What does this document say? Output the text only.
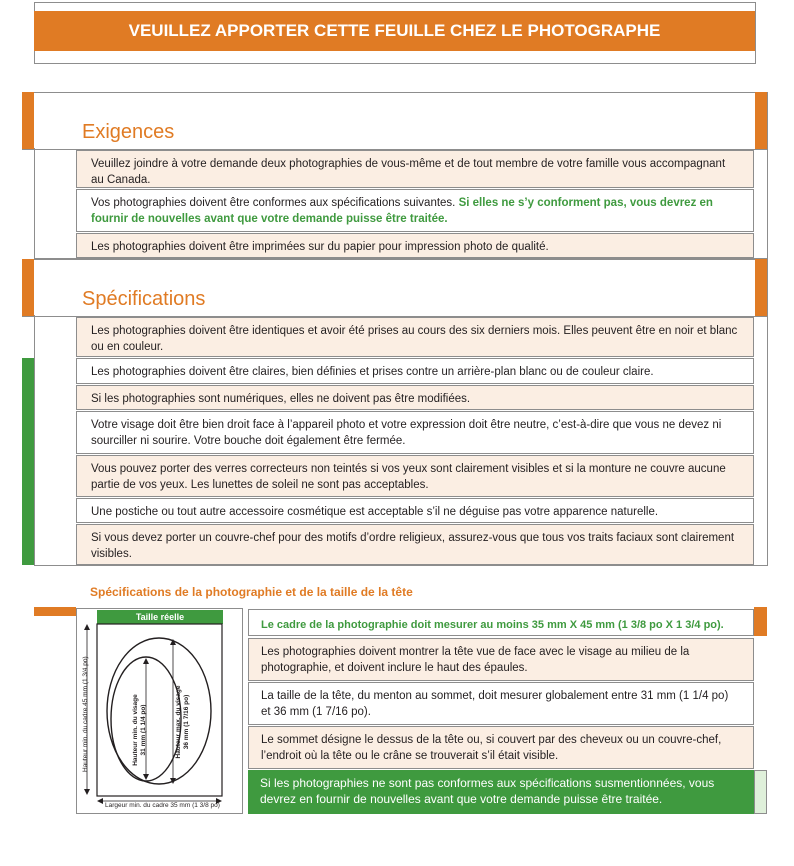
VEUILLEZ APPORTER CETTE FEUILLE CHEZ LE PHOTOGRAPHE
Exigences
Veuillez joindre à votre demande deux photographies de vous-même et de tout membre de votre famille vous accompagnant au Canada.
Vos photographies doivent être conformes aux spécifications suivantes. Si elles ne s’y conforment pas, vous devrez en fournir de nouvelles avant que votre demande puisse être traitée.
Les photographies doivent être imprimées sur du papier pour impression photo de qualité.
Spécifications
Les photographies doivent être identiques et avoir été prises au cours des six derniers mois. Elles peuvent être en noir et blanc ou en couleur.
Les photographies doivent être claires, bien définies et prises contre un arrière-plan blanc ou de couleur claire.
Si les photographies sont numériques, elles ne doivent pas être modifiées.
Votre visage doit être bien droit face à l’appareil photo et votre expression doit être neutre, c’est-à-dire que vous ne devez ni sourciller ni sourire. Votre bouche doit également être fermée.
Vous pouvez porter des verres correcteurs non teintés si vos yeux sont clairement visibles et si la monture ne couvre aucune partie de vos yeux. Les lunettes de soleil ne sont pas acceptables.
Une postiche ou tout autre accessoire cosmétique est acceptable s’il ne déguise pas votre apparence naturelle.
Si vous devez porter un couvre-chef pour des motifs d’ordre religieux, assurez-vous que tous vos traits faciaux sont clairement visibles.
Spécifications de la photographie et de la taille de la tête
Taille réelle
Hauteur min. du cadre 45 mm (1 3/4 po)
Largeur min. du cadre 35 mm (1 3/8 po)
Hauteur min. du visage 31 mm (1 1/4 po)	Hauteur max. du visage 36 mm (1 7/16 po)
Le cadre de la photographie doit mesurer au moins 35 mm X 45 mm (1 3/8 po X 1 3/4 po).
Les photographies doivent montrer la tête vue de face avec le visage au milieu de la photographie, et doivent inclure le haut des épaules.
La taille de la tête, du menton au sommet, doit mesurer globalement entre 31 mm (1 1/4 po) et 36 mm (1 7/16 po).
Le sommet désigne le dessus de la tête ou, si couvert par des cheveux ou un couvre-chef, l’endroit où la tête ou le crâne se trouverait s’il était visible.
Si les photographies ne sont pas conformes aux spécifications susmentionnées, vous devrez en fournir de nouvelles avant que votre demande puisse être traitée.
